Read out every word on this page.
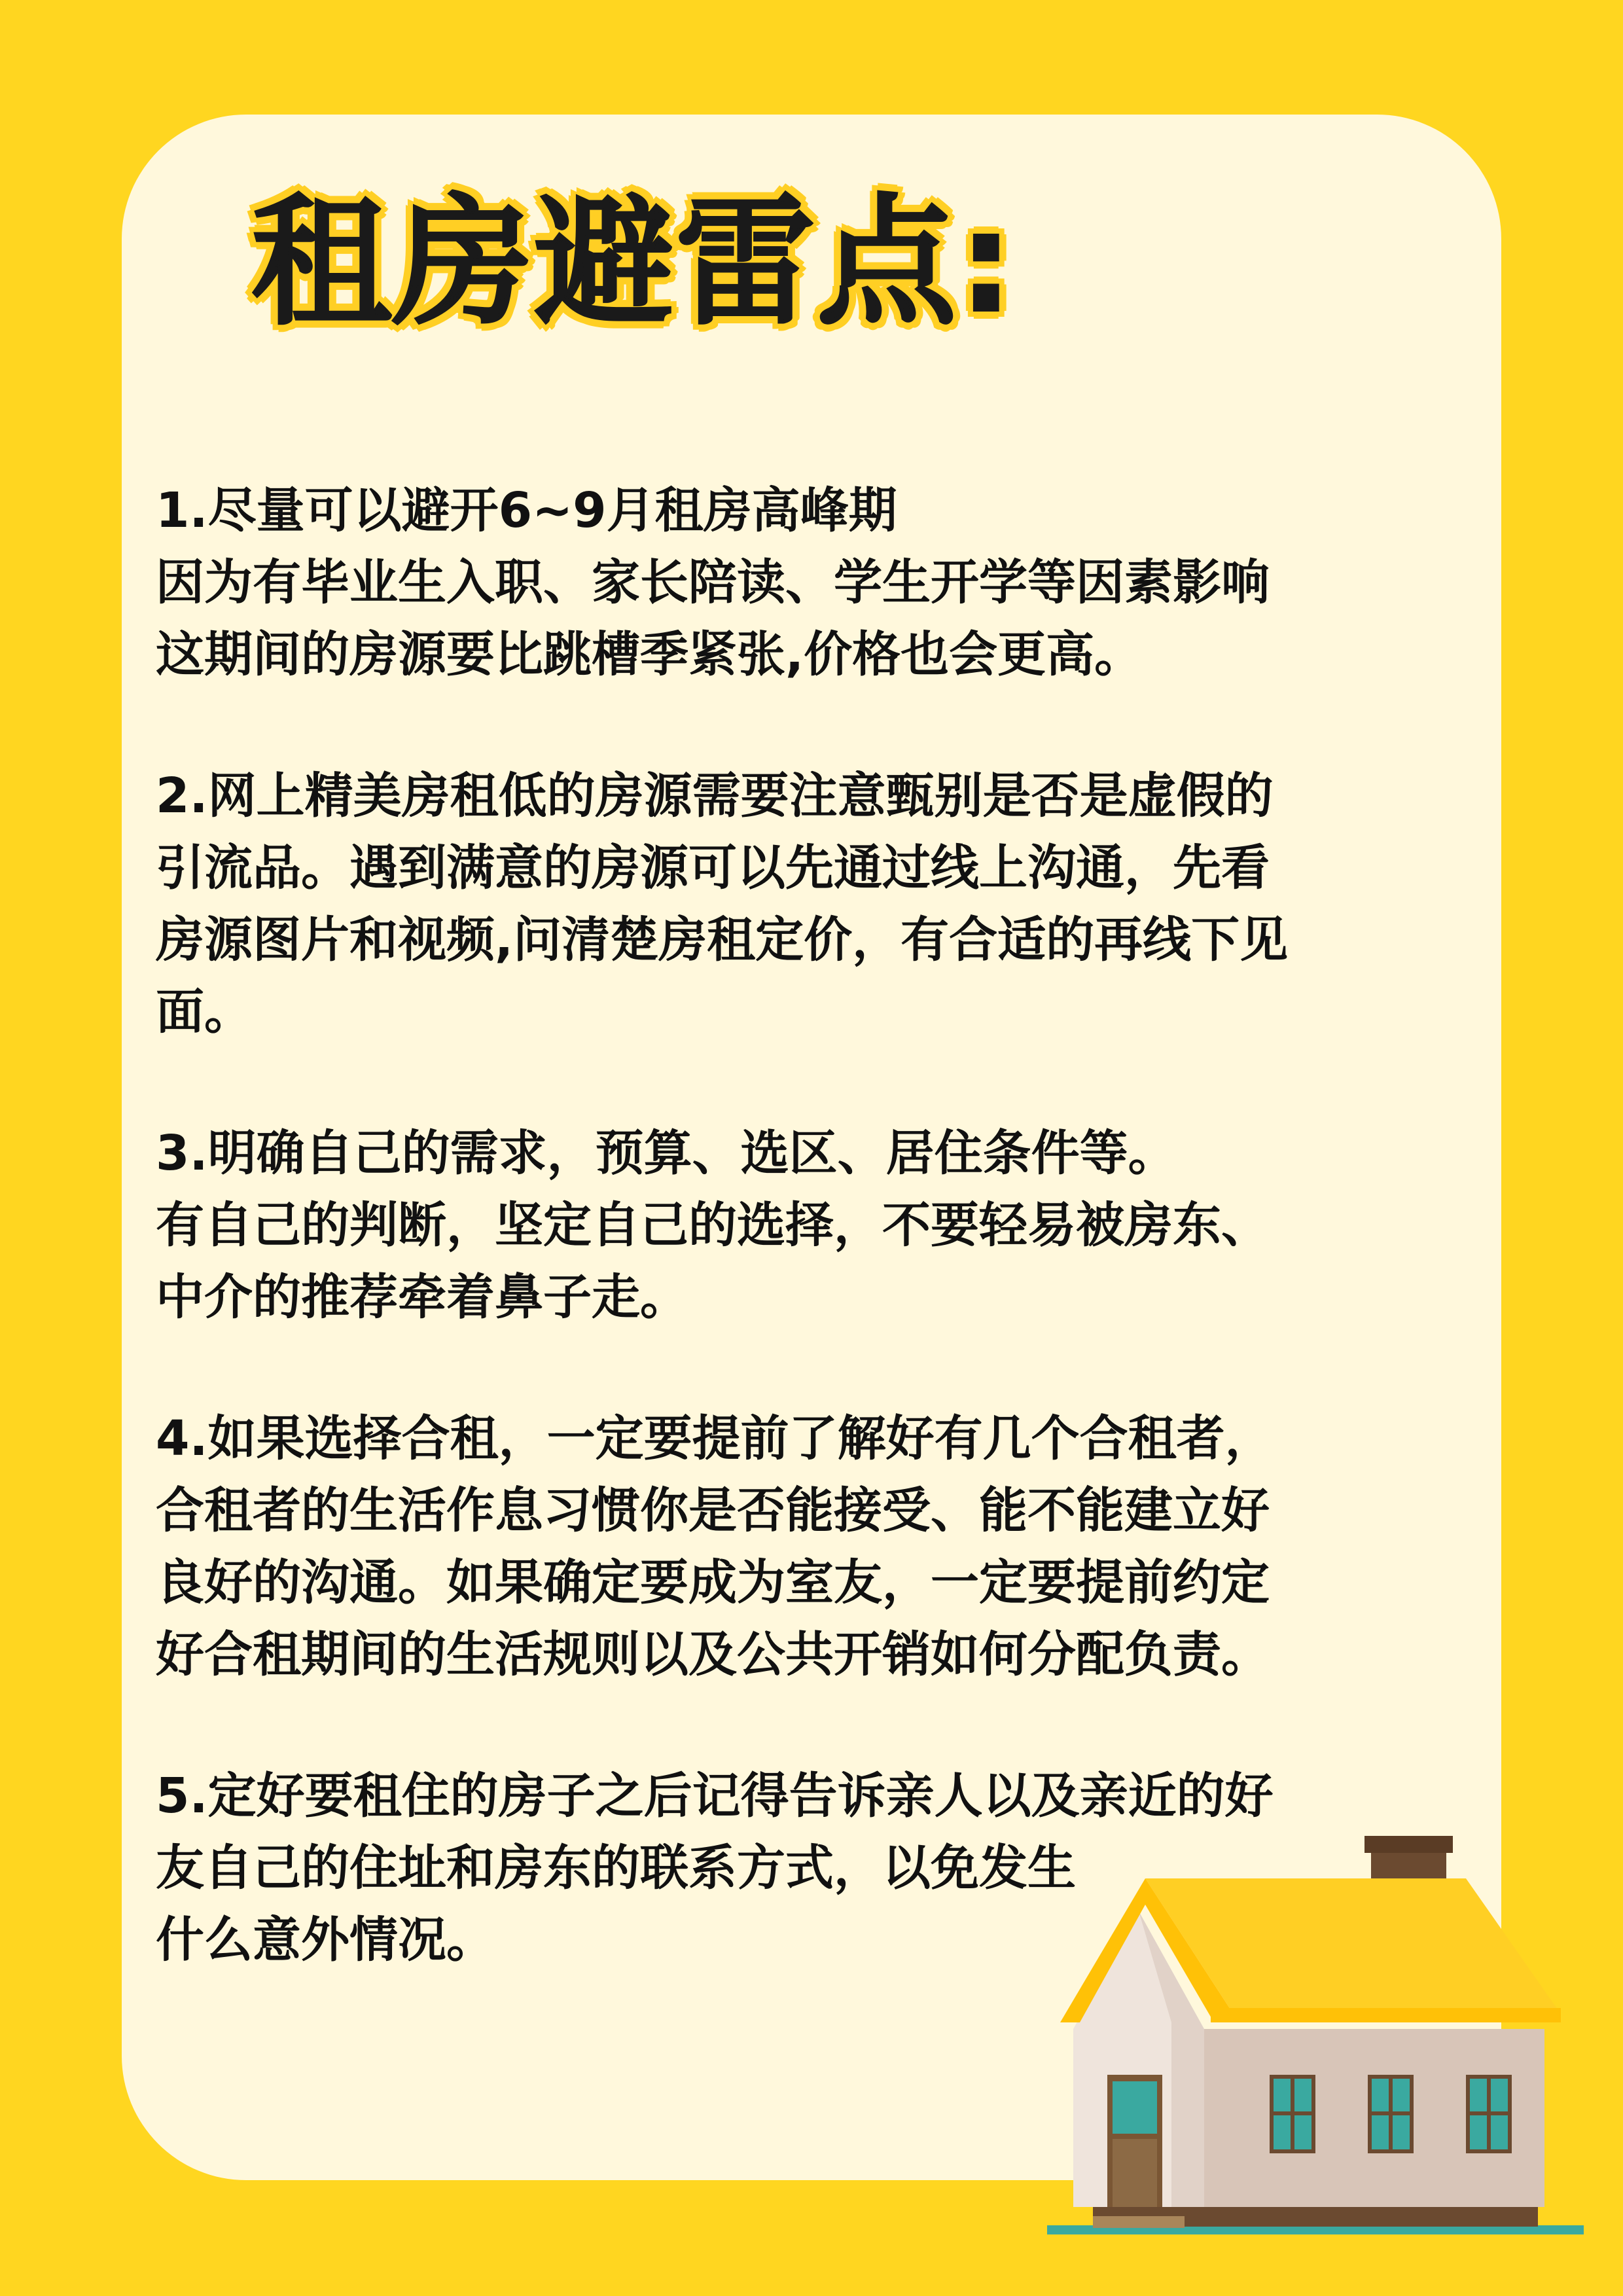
租房避雷点:
1.尽量可以避开6~9月租房高峰期
因为有毕业生入职、家长陪读、学生开学等因素影响
这期间的房源要比跳槽季紧张,价格也会更高。
2.网上精美房租低的房源需要注意甄别是否是虚假的
引流品。遇到满意的房源可以先通过线上沟通，先看
房源图片和视频,问清楚房租定价，有合适的再线下见
面。
3.明确自己的需求，预算、选区、居住条件等。
有自己的判断，坚定自己的选择，不要轻易被房东、
中介的推荐牵着鼻子走。
4.如果选择合租，一定要提前了解好有几个合租者，
合租者的生活作息习惯你是否能接受、能不能建立好
良好的沟通。如果确定要成为室友，一定要提前约定
好合租期间的生活规则以及公共开销如何分配负责。
5.定好要租住的房子之后记得告诉亲人以及亲近的好
友自己的住址和房东的联系方式，以免发生
什么意外情况。
